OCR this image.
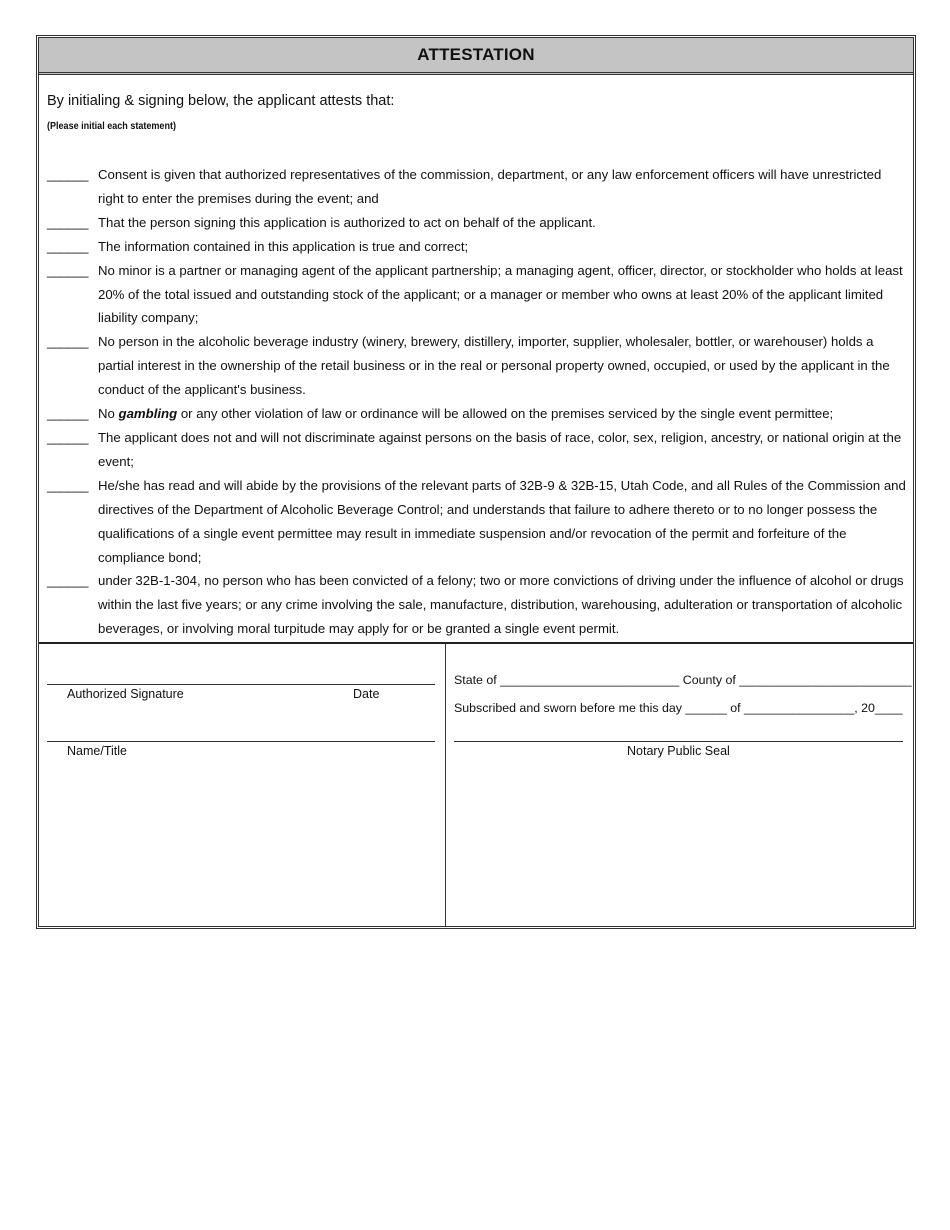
ATTESTATION
By initialing & signing below, the applicant attests that:
(Please initial each statement)
______ Consent is given that authorized representatives of the commission, department, or any law enforcement officers will have unrestricted right to enter the premises during the event; and
______ That the person signing this application is authorized to act on behalf of the applicant.
______ The information contained in this application is true and correct;
______ No minor is a partner or managing agent of the applicant partnership; a managing agent, officer, director, or stockholder who holds at least 20% of the total issued and outstanding stock of the applicant; or a manager or member who owns at least 20% of the applicant limited liability company;
______ No person in the alcoholic beverage industry (winery, brewery, distillery, importer, supplier, wholesaler, bottler, or warehouser) holds a partial interest in the ownership of the retail business or in the real or personal property owned, occupied, or used by the applicant in the conduct of the applicant's business.
______ No gambling or any other violation of law or ordinance will be allowed on the premises serviced by the single event permittee;
______ The applicant does not and will not discriminate against persons on the basis of race, color, sex, religion, ancestry, or national origin at the event;
______ He/she has read and will abide by the provisions of the relevant parts of 32B-9 & 32B-15, Utah Code, and all Rules of the Commission and directives of the Department of Alcoholic Beverage Control; and understands that failure to adhere thereto or to no longer possess the qualifications of a single event permittee may result in immediate suspension and/or revocation of the permit and forfeiture of the compliance bond;
______ under 32B-1-304, no person who has been convicted of a felony; two or more convictions of driving under the influence of alcohol or drugs within the last five years; or any crime involving the sale, manufacture, distribution, warehousing, adulteration or transportation of alcoholic beverages, or involving moral turpitude may apply for or be granted a single event permit.
Authorized Signature	Date
Name/Title
State of __________________________ County of _________________________
Subscribed and sworn before me this day ______ of ________________, 20____
Notary Public Seal
